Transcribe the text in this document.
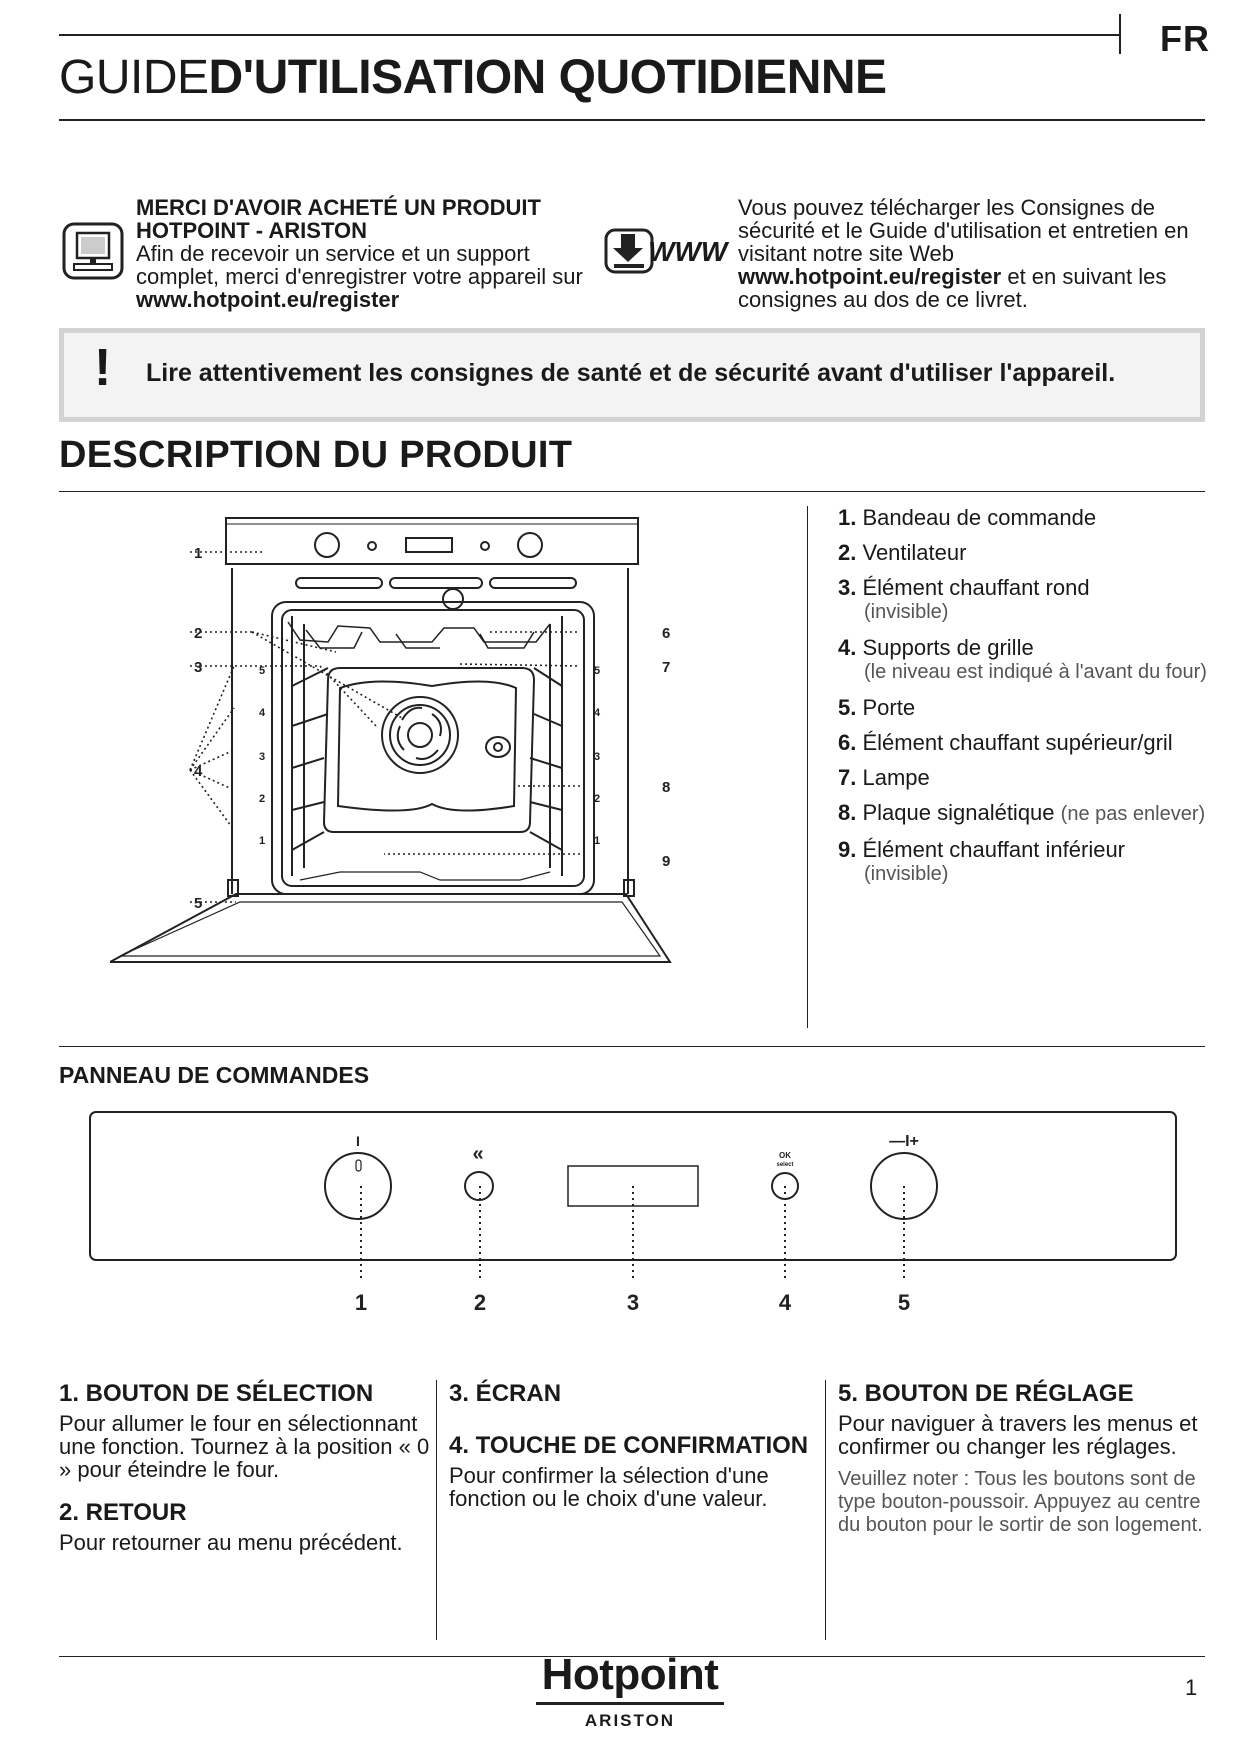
FR
GUIDED'UTILISATION QUOTIDIENNE
MERCI D'AVOIR ACHETÉ UN PRODUIT
HOTPOINT - ARISTON
Afin de recevoir un service et un support complet, merci d'enregistrer votre appareil sur www.hotpoint.eu/register
WWW
Vous pouvez télécharger les Consignes de sécurité et le Guide d'utilisation et entretien en visitant notre site Web www.hotpoint.eu/register et en suivant les consignes au dos de ce livret.
! Lire attentivement les consignes de santé et de sécurité avant d'utiliser l'appareil.
DESCRIPTION DU PRODUIT
1
2
3
4
5
6
7
8
9
5
4
3
2
1
5
4
3
2
1
1. Bandeau de commande
2. Ventilateur
3. Élément chauffant rond
(invisible)
4. Supports de grille
(le niveau est indiqué à l'avant du four)
5. Porte
6. Élément chauffant supérieur/gril
7. Lampe
8. Plaque signalétique (ne pas enlever)
9. Élément chauffant inférieur
(invisible)
PANNEAU DE COMMANDES
I
«	OK
select
—I+
1	2	3	4	5
1. BOUTON DE SÉLECTION

Pour allumer le four en sélectionnant une fonction. Tournez à la position « 0 » pour éteindre le four.

2. RETOUR

Pour retourner au menu précédent.

3. ÉCRAN
4. TOUCHE DE CONFIRMATION

Pour confirmer la sélection d'une fonction ou le choix d'une valeur.

5. BOUTON DE RÉGLAGE

Pour naviguer à travers les menus et confirmer ou changer les réglages.

Veuillez noter : Tous les boutons sont de type bouton-poussoir. Appuyez au centre du bouton pour le sortir de son logement.

Hotpoint
ARISTON
1
